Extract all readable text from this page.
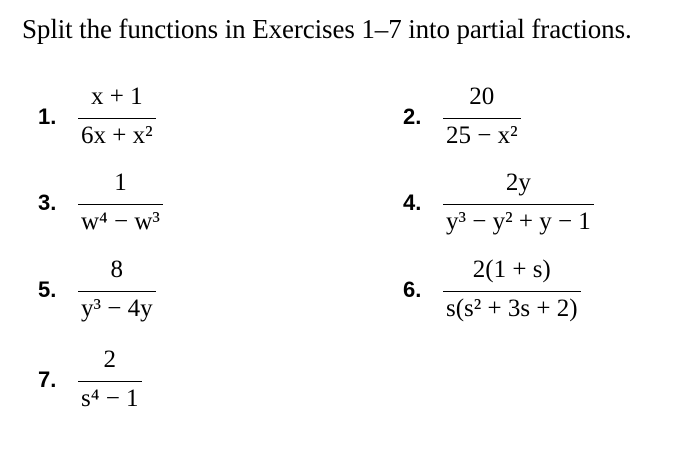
Split the functions in Exercises 1–7 into partial fractions.
1. $\frac{x + 1}{\text{6x + x²}}$	2. $\frac{20}{\text{25 − x²}}$
3. $\frac{1}{\text{w⁴ − w³}}$	4. $\frac{2y}{\text{y³ − y² + y − 1}}$
5. $\frac{8}{\text{y³ − 4y}}$	6. $\frac{2(1 + s)}{\text{s(s² + 3s + 2)}}$
7. $\frac{2}{\text{s⁴ − 1}}$
